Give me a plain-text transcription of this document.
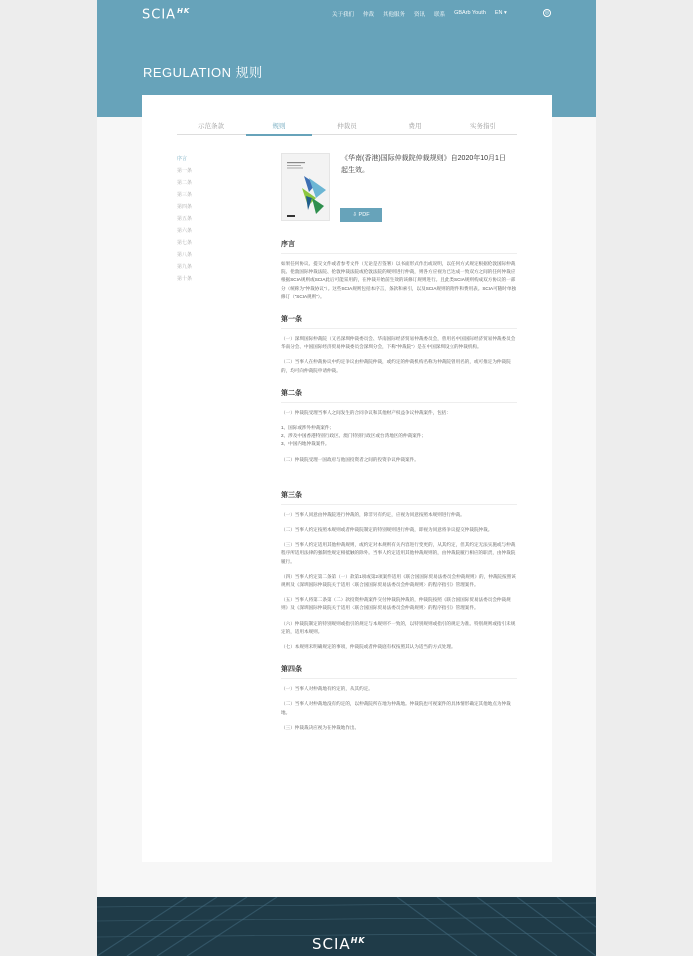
$SCIA^{HK}$	关于我们 仲裁 其他服务 资讯 联系 GBArb Youth EN ▾	◎
REGULATION 规则
示范条款	规则	仲裁员	费用	实务指引
序言
第一条
第二条
第三条
第四条
第五条
第六条
第七条
第八条
第九条
第十条
《华南(香港)国际仲裁院仲裁规则》自2020年10月1日起生效。
⇩ PDF
序言
如果任何协议、提交文件或者参考文件（无论是否签署）以书面形式作出或说明，以任何方式规定根据伦敦国际仲裁院、伦敦国际仲裁法院、伦敦仲裁法院或伦敦法院的规则进行仲裁，则各方应视为已达成一致双方之间的任何仲裁应根据SCIA规则或SCIA此后可能采用的，在仲裁开始前生效的该修订规则进行。且此类SCIA规则构成双方协议的一部分（统称为“仲裁协议”）。这些SCIA规则包括本序言，条款和索引，以及SCIA规则的附件和费用表。SCIA可随时单独修订（“SCIA规则”）。
第一条
（一）深圳国际仲裁院（又名深圳仲裁委员会、华南国际经济贸易仲裁委员会，曾用名中国国际经济贸易仲裁委员会华南分会、中国国际经济贸易仲裁委员会深圳分会，下称“仲裁院”）是在中国深圳设立的仲裁机构。
（二）当事人在仲裁协议中约定争议由仲裁院仲裁，或约定的仲裁机构名称为仲裁院曾用名的，或可推定为仲裁院的，均可向仲裁院申请仲裁。
第二条
（一）仲裁院受理当事人之间发生的合同争议和其他财产权益争议仲裁案件，包括：
1、国际或涉外仲裁案件；
2、涉及中国香港特别行政区、澳门特别行政区或台湾地区的仲裁案件；
3、中国内地仲裁案件。
（二）仲裁院受理一国政府与他国投资者之间的投资争议仲裁案件。
第三条
（一）当事人同意由仲裁院进行仲裁的，除非另有约定，应视为同意按照本规则进行仲裁。
（二）当事人约定按照本规则或者仲裁院制定的特别规则进行仲裁，即视为同意将争议提交仲裁院仲裁。
（三）当事人约定适用其他仲裁规则，或约定对本规则有关内容进行变更的，从其约定，但其约定无法实施或与仲裁程序所适用法律的强制性规定相抵触的除外。当事人约定适用其他仲裁规则的，由仲裁院履行相应的职责，由仲裁院履行。
（四）当事人约定第二条第（一）款第1项或第2项案件适用《联合国国际贸易法委员会仲裁规则》的，仲裁院按照该规则及《深圳国际仲裁院关于适用〈联合国国际贸易法委员会仲裁规则〉的程序指引》管理案件。
（五）当事人将第二条第（二）款投资仲裁案件交付仲裁院仲裁的，仲裁院按照《联合国国际贸易法委员会仲裁规则》及《深圳国际仲裁院关于适用〈联合国国际贸易法委员会仲裁规则〉的程序指引》管理案件。
（六）仲裁院制定的特别规则或指引的规定与本规则不一致的，以特别规则或指引的规定为准。特别规则或指引未规定的，适用本规则。
（七）本规则未明确规定的事项，仲裁院或者仲裁庭有权按照其认为适当的方式处理。
第四条
（一）当事人对仲裁地有约定的，从其约定。
（二）当事人对仲裁地没有约定的，以仲裁院所在地为仲裁地。仲裁院也可视案件的具体情形确定其他地点为仲裁地。
（三）仲裁裁决应视为在仲裁地作出。
$SCIA^{HK}$
